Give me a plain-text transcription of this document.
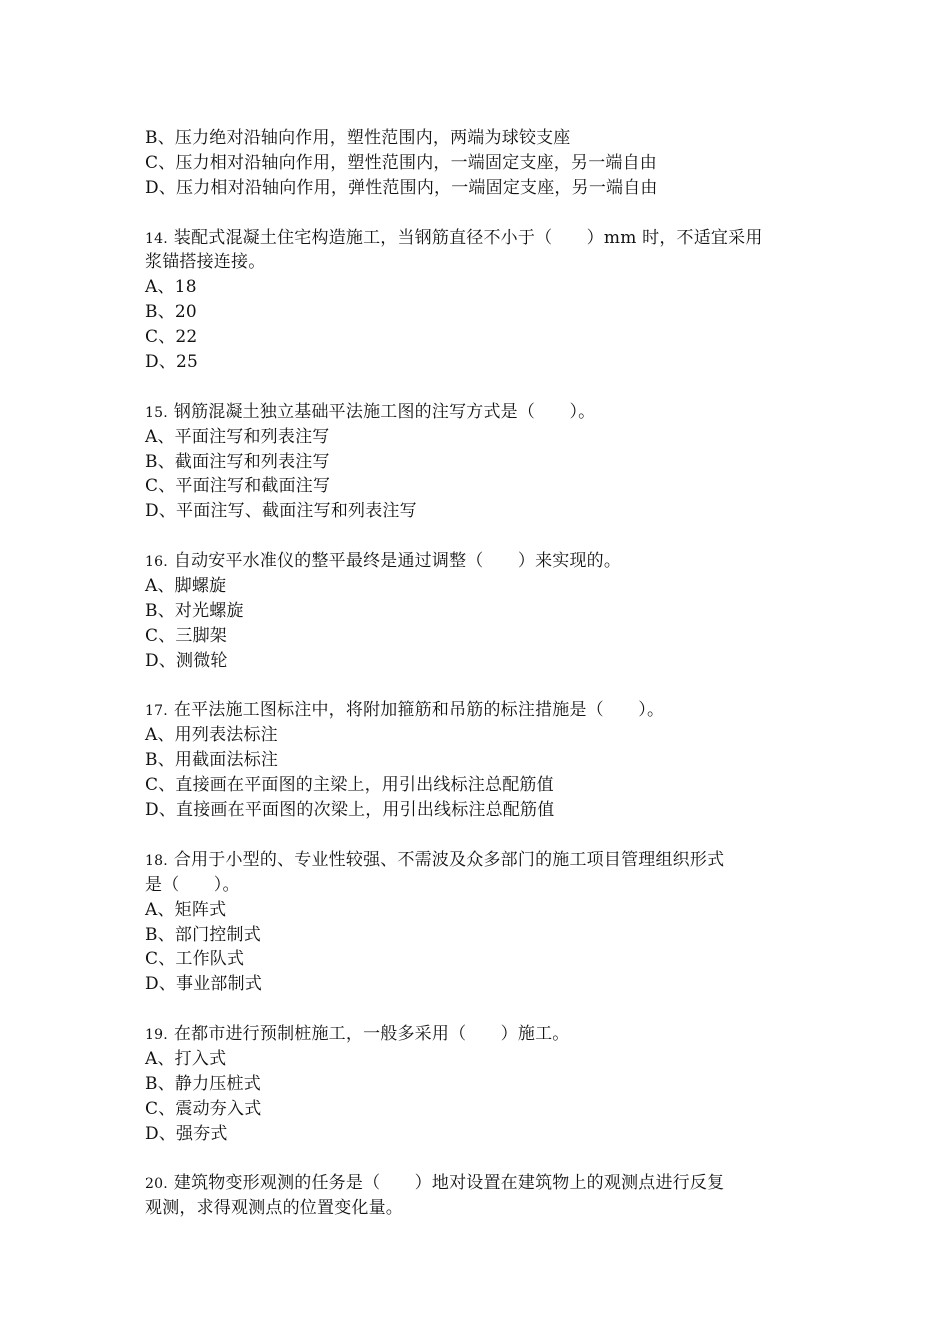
B、压力绝对沿轴向作用，塑性范围内，两端为球铰支座
C、压力相对沿轴向作用，塑性范围内，一端固定支座，另一端自由
D、压力相对沿轴向作用，弹性范围内，一端固定支座，另一端自由
14. 装配式混凝土住宅构造施工，当钢筋直径不小于（　　）mm 时，不适宜采用
浆锚搭接连接。
A、18
B、20
C、22
D、25
15. 钢筋混凝土独立基础平法施工图的注写方式是（　　）。
A、平面注写和列表注写
B、截面注写和列表注写
C、平面注写和截面注写
D、平面注写、截面注写和列表注写
16. 自动安平水准仪的整平最终是通过调整（　　）来实现的。
A、脚螺旋
B、对光螺旋
C、三脚架
D、测微轮
17. 在平法施工图标注中，将附加箍筋和吊筋的标注措施是（　　）。
A、用列表法标注
B、用截面法标注
C、直接画在平面图的主梁上，用引出线标注总配筋值
D、直接画在平面图的次梁上，用引出线标注总配筋值
18. 合用于小型的、专业性较强、不需波及众多部门的施工项目管理组织形式
是（　　）。
A、矩阵式
B、部门控制式
C、工作队式
D、事业部制式
19. 在都市进行预制桩施工，一般多采用（　　）施工。
A、打入式
B、静力压桩式
C、震动夯入式
D、强夯式
20. 建筑物变形观测的任务是（　　）地对设置在建筑物上的观测点进行反复
观测，求得观测点的位置变化量。
